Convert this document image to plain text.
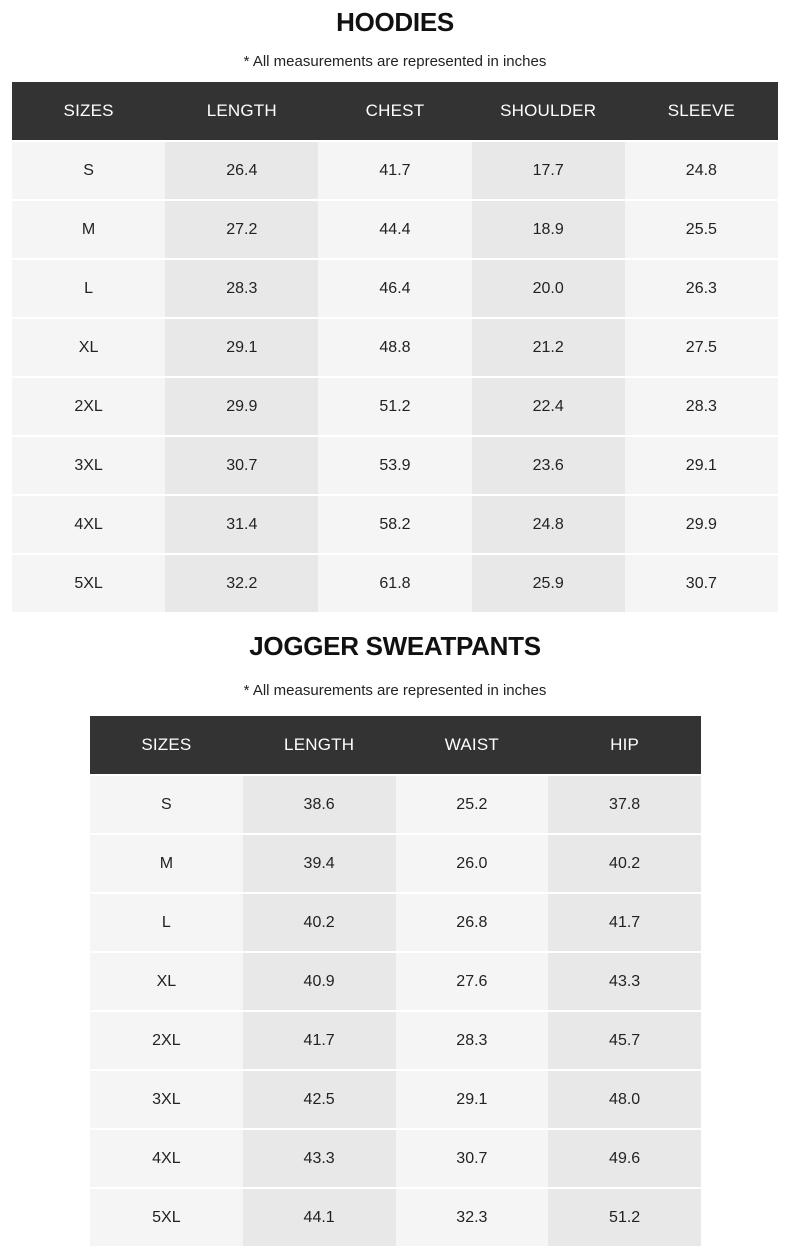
HOODIES
* All measurements are represented in inches
SIZES	LENGTH	CHEST	SHOULDER	SLEEVE
S	26.4	41.7	17.7	24.8
M	27.2	44.4	18.9	25.5
L	28.3	46.4	20.0	26.3
XL	29.1	48.8	21.2	27.5
2XL	29.9	51.2	22.4	28.3
3XL	30.7	53.9	23.6	29.1
4XL	31.4	58.2	24.8	29.9
5XL	32.2	61.8	25.9	30.7
JOGGER SWEATPANTS
* All measurements are represented in inches
SIZES	LENGTH	WAIST	HIP
S	38.6	25.2	37.8
M	39.4	26.0	40.2
L	40.2	26.8	41.7
XL	40.9	27.6	43.3
2XL	41.7	28.3	45.7
3XL	42.5	29.1	48.0
4XL	43.3	30.7	49.6
5XL	44.1	32.3	51.2
